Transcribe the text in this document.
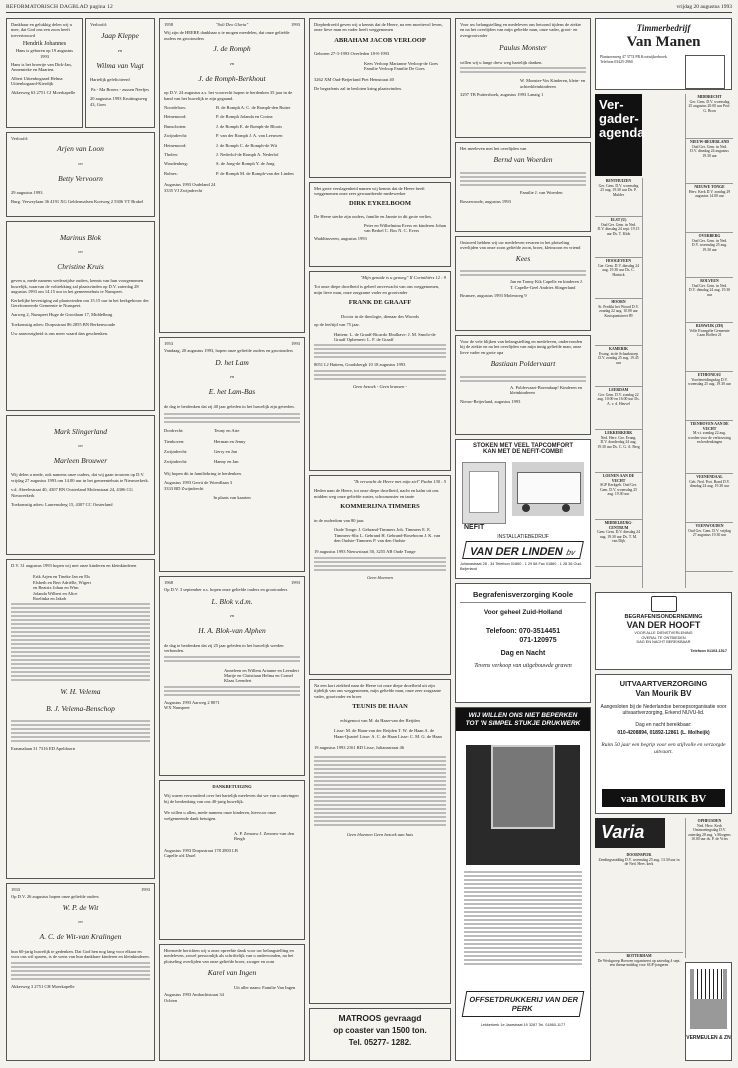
REFORMATORISCH DAGBLAD pagina 12	vrijdag 20 augustus 1993

Dankbaar en gelukkig delen wij u mee, dat God ons een zoon heeft toevertrouwd

Hendrik Johannes

Hans is geboren op 19 augustus 1993

Hans is het broertje van Dirk-Jan, Annemieke en Maarten.

Albert Uittenbogaard Helma Uittenbogaard-Kierdijk

Akkerweg 63 2751 CJ Moerkapelle

Verloofd:

Jaap Kleppe

en

Wilma van Vugt

Hartelijk gefeliciteerd

Pa - Ma Broers - zussen Neefjes

20 augustus 1993 Kruitingsweg 43, Goes

Verloofd:

Arjen van Loon

en

Betty Vervoorn

29 augustus 1993

Burg. Verweylaan 36 4191 XG Geldermalsen Kortweg 2 5306 VT Brakel

Marinus Blok

en

Christine Kruis

geven u, mede namens wederzijdse ouders, kennis van hun voorgenomen huwelijk, waarvan de voltrekking zal plaatsvinden op D.V. zaterdag 28 augustus 1993 om 14.15 uur in het gemeentehuis te Nunspeet.

Kerkelijke bevestiging zal plaatsvinden om 15.15 uur in het kerkgebouw der Gereformeerde Gemeente te Nunspeet.

Aarweg 2, Nunspeet Huge de Grootlaan 17, Middelburg

Toekomstig adres: Dorpsstraat 86 2855 BN Berkenwoude

Uw aanwezigheid is ons meer waard dan geschenken.

Mark Slingerland

en

Marleen Brouwer

Wij delen u mede, ook namens onze ouders, dat wij gaan trouwen op D.V. vrijdag 27 augustus 1993 om 14.00 uur in het gemeentehuis te Nieuwerkerk.

v.d. Abeelestraat 40, 4307 BN Oosterland Molenstraat 24, 4306 CG Nieuwerkerk

Toekomstig adres: Laurensdreg 15, 4307 CC Oosterland

D.V. 31 augustus 1993 hopen wij met onze kinderen en kleinkinderen

Erik Arjen en Tineke Jan en Els Elsbeth en Bert Adriëlle, Wigert en Beatrix Johan en Wim Jolanda Wilbert en Alice Roelinka en Jakob

W. H. Velema

B. J. Velema-Benschop

Erasmalaan 31 7316 ED Apeldoorn

1933	1993

Op D.V. 26 augustus hopen onze geliefde ouders

W. P. de Wit

en

A. C. de Wit-van Kralingen

hun 60-jarig huwelijk te gedenken. Dat God hen nog lang voor elkaar en voor ons wil sparen, is de wens van hun dankbare kinderen en kleinkinderen.

Akkerweg 3 2751 CH Moerkapelle

1958	"Soli Deo Gloria"	1993

Wij zijn de HEERE dankbaar u te mogen meedelen, dat onze geliefde ouders en grootouders

J. de Romph

en

J. de Romph-Berkhout

op D.V. 24 augustus a.s. het voorrecht hopen te herdenken 35 jaar in de band van het huwelijk te zijn gegaand.

Noordeloos:	B. de Romph A. C. de Romph-den Butter
Heinenoord:	P. de Romph Jolanda en Corina
Bunschoten:	J. de Romph E. de Romph-de Bloois
Zwijndrecht:	P. van der Romph J. A. van Leeuwen
Heinenoord:	J. de Romph C. de Romph-de Wit
Tholen:	J. Nederlof-de Romph A. Nederlof
Woudenberg:	S. de Jong-de Romph Y. de Jong
Bolnes:	P. de Romph M. de Romph-van der Linden

Augustus 1993 Oudeland 24 3335 VJ Zwijndrecht

1953	1993

Vandaag, 20 augustus 1993, hopen onze geliefde ouders en grootouders

D. het Lam

en

E. het Lam-Bas

de dag te herdenken dat zij 40 jaar geleden in het huwelijk zijn getreden.

Dordrecht:	Teuny en Arie
Tienhoven:	Herman en Jenny
Zwijndrecht:	Gerry en Jan
Zwijndrecht:	Hanny en Jan

Wij hopen dit in familiekring te herdenken.

Augustus 1993 Gerrit de Woerdlaan 3 3333 BD Zwijndrecht

In plaats van kaarten

1968	1993

Op D.V. 3 september a.s. hopen onze geliefde ouders en grootouders

L. Blok v.d.m.

en

H. A. Blok-van Alphen

de dag te herdenken dat zij 25 jaar geleden in het huwelijk werden verbonden.

Anneleen en Willem Arianne en Leendert Marije en Christiaan Helma en Cornel Klaas Leendert

Augustus 1993 Aarweg 2 8071 WX Nunspeet

DANKBETUIGING

Wij waren verwonderd over het hartelijk meeleven dat we van u ontvingen bij de herdenking van ons 40-jarig huwelijk.

We willen u allen, mede namens onze kinderen, hiervoor onze welgemeende dank betuigen.

A. P. Zenouw J. Zenouw-van den Bergh

Augustus 1993 Dorpsstraat 178 2803 LB Capelle a/d IJssel

Hiermede berichten wij u onze opreehte dank voor uw belangstelling en medeleven, zowel persoonlijk als schriftelijk van u ondervonden, na het plotseling overlijden van onze geliefde broer, zwager en oom

Karel van Ingen

Uit aller naam: Familie Van Ingen

Augustus 1993 Ambachtstraat 34 Ochten

Diepbedroefd geven wij u kennis dat de Heere, na een moeitevol leven, onze lieve man en vader heeft weggenomen

ABRAHAM JACOB VERLOOP

Geboren 27-3-1993 Overleden 18-8-1993

Kees Verloop Marianne Verloop-de Goes Familie Verloop Familie De Goes

3262 XM Oud-Beijerland Piet Heinstraat 40

De begrafenis zal in besloten kring plaatsvinden.

Met grote verslagenheid namen wij kennis dat de Heere heeft weggenomen onze zeer gewaardeerde medewerker

DIRK EYKELBOOM

De Heere sterke zijn ouders, familie en Jannie in dit grote verlies.

Peter en Wilhelmina Evers en kinderen Johan van Berkel C. Bos N. C. Evers

Waddinxveen, augustus 1993

"Mijn genade is u genoeg" II Corinthiërs 12 : 9

Tot onze diepe droefheid is geheel onverwacht van ons weggenomen, mijn lieve man, onze zorgzame vader en grootvader

FRANK DE GRAAFF

Doctor in de theologie, dienaar des Woords

op de leeftijd van 75 jaar.

Hattem: L. de Graaff-Ricardo Ebulhave: J. M. Smolo-de Graaff Ophemert: L. F. de Graaff

8051 LJ Hattem, Goudsbergh 10 18 augustus 1993

Geen bezoek - Geen kransen -

"Ik verwacht de Heere met mijn ziel" Psalm 130 : 5

Heden nam de Heere, tot onze diepe droefheid, nacht en kalm uit ons midden weg onze geliefde zuster, schoonzuster en tante

KOMMERIJNA TIMMERS

in de ouderdom van 80 jaar.

Oude Tonge: J. Gebrand-Timmers Joh. Timmers E. E. Timmers-Sliz L. Gebrand H. Gebrand-Roseboom J. K. van den Oudste-Timmers P. van den Oudste

19 augustus 1993 Nieuwstraat 50, 3255 AB Oude Tonge

Geen bloemen

Na een kort ziekbed nam de Heere tot onze diepe droefheid uit zijn tijdelijk van ons weggenomen, mijn geliefde man, onze zeer zorgzame vader, grootvader en broer

TEUNIS DE HAAN

echtgenoot van M. da Haan-van der Reijden

Lisse: M. de Haan-van der Reijden T. W. de Haan A. de Haan-Quartel Lisse: A. C. de Haan Lisse: C. M. G. de Haan

19 augustus 1993 2161 RD Lisse, Julianastraat 46

Geen bloemen Geen bezoek aan huis

MATROOS gevraagd

op coaster van 1500 ton.

Tel. 05277- 1282.

Voor uw belangstelling en medeleven ons betoond tijdens de ziekte en na het overlijden van mijn geliefde man, onze vader, groot- en overgrootvader

Paulus Monster

willen wij u lange drew weg hartelijk danken.

W. Monster-Vos Kinderen, klein- en achterkleinkinderen

3297 TB Puttershoek, augustus 1993 Lanaig 1

Het meeleven met het overlijden van

Bernd van Woerden

Familie J. van Woerden

Rossewoude, augustus 1993

Ontroerd hebben wij uw medeleven ervaren in het plotseling overlijden van onze zoon geliefde zoon, broer, kleinzoon en vriend

Kees

Jan en Tonny Kik Capelle en kinderen J. T. Capelle-Geel Andries Slingerland

Brunsee, augustus 1993 Molenweg 9

Voor de vele blijken van belangstelling en medeleven, ondervonden bij de ziekte en na het overlijden van mijn innig geliefde man, onze lieve vader en grote opa

Bastiaan Poldervaart

A. Poldervaart-Borendaap! Kinderen en kleinkinderen

Nieuw-Beijerland, augustus 1993

STOKEN MET VEEL TAPCOMFORT

KAN MET DE NEFIT-COMBI!

NEFIT

INSTALLATIEBEDRIJF

VAN DER LINDEN bv

Julianastraat 28 - 34 Telefoon 01860 - 1 29 68 Fax 01860 - 1 28 36 Oud-Beijerland

Begrafenisverzorging Koole

Voor geheel Zuid-Holland

Telefoon: 070-3514451

071-120975

Dag en Nacht

Tevens verkoop van uitgebouwde graven

WIJ WILLEN ONS NIET BEPERKEN

TOT 'N SIMPEL STUKJE DRUKWERK

OFFSETDRUKKERIJ VAN DER PERK

Lekkerkerk 1e Jaarstraat 19 3267 Tel. 01860-1177

Timmerbedrijf

Van Manen

Plantsoenweg 47 3774 PR Kootwijkerbroek Telefoon 03425-2960

Ver-

gader-

agenda

BENTHUIZEN
Ger. Gem. D.V. woensdag 25 aug. 19.30 uur Ds. P. Mulder
ELST (U)
Oud Ger. Gem. in Ned. D.V. dinsdag 24 sept. 19.15 uur Ds. T. Klok
HOOGEVEEN
Ger. Gem. D.V. dinsdag 24 aug. 19.30 uur Ds. C. Harinck
HOORN
St. Predikt het Woord D.V. zondag 22 aug. 10.00 uur Kruispuntstreet 89
KAMERIK
Evang. in de Schaakstoep D.V. zondag 25 aug. 19.45 uur
LEERDAM
Ger. Gem. D.V. zondag 22 aug. 10.00 en 16.00 uur Ds. A. v. d. Heuvel
LEKKERKERK
Ned. Herv. Ger. Evang. D.V. donderdag 24 aug. 19.30 uur Ds. C. G. A. Berg
LOENEN AAN DE VECHT
SGP Kerkgeb. Oud Ger. Gem. D.V. woensdag 25 aug. 19.30 uur
MIDDELBURG-CENTRUM
Gem. Gem. D.V. dinsdag 24 aug. 19.30 uur Ds. T. M. van Dijk
MIDDRECHT
Ger. Gem. D.V. woensdag 25 augustus 20.00 uur Prof. G. Bron
NIEUW-BEIJERLAND
Oud Ger. Gem. in Ned. D.V. dinsdag 24 augustus 19.30 uur
NIEUWE TONGE
Herv. Kerk D.V. zondag 29 augustus 14.00 uur
OVERBERG
Oud Ger. Gem. in Ned. D.V. woensdag 25 aug. 19.30 uur
ROLVEEN
Oud Ger. Gem. in Ned. D.V. dinsdag 24 aug. 19.30 uur
RIJSWIJK (ZH)
Volle Evangelie Gemeente Laan Hoffert 21
ETHIONEAU
Voorbereidingsdag D.V. woensdag 25 aug. 19.30 uur
TIENHOVEN AAN DE VECHT
M.v.t. zondag 22 aug. worden voor de verbouwing en herdenkingen
VEENENDAAL
Geb. Ned. Prot. Bond D.V. dinsdag 24 aug. 19.30 uur
VEENWOUDEN
Oud Ger. Gem. D.V. vrijdag 27 augustus 19.30 uur

BEGRAFENISONDERNEMING

VAN DER HOOFT

VOOR ALLE DIENSTVERLENING

OVERAL TE ONTBIEDEN

DAG EN NACHT BEREIKBAAR

Telefoon 01103-1517

UITVAARTVERZORGING

Van Mourik BV

Aangesloten bij de Nederlandse beroepsorganisatie voor uitvaartverzorging, Erkend NUVU-lid.

Dag en nacht bereikbaar:

010-4208894, 01892-12861 (L. Molheijk)

Ruim 50 jaar een begrip voor een stijlvolle en verzorgde uitvaart.

van MOURIK BV

Varia

DOORNSPIJK
Zendingsmiddag D.V. woensdag 25 aug. 13.30 uur in de Ned. Herv. kerk
BOTTERHAM
De Werkgroep Hoewen organiseert op zaterdag 4 sept. een thema-middag voor SGP-jongeren
OPHEUSDEN
Ned. Herv. Kerk Ontmoetingsdag D.V. zaterdag 28 aug. 's Morgens 10.00 uur ds. P. de Vries

VERMEULEN & ZN
